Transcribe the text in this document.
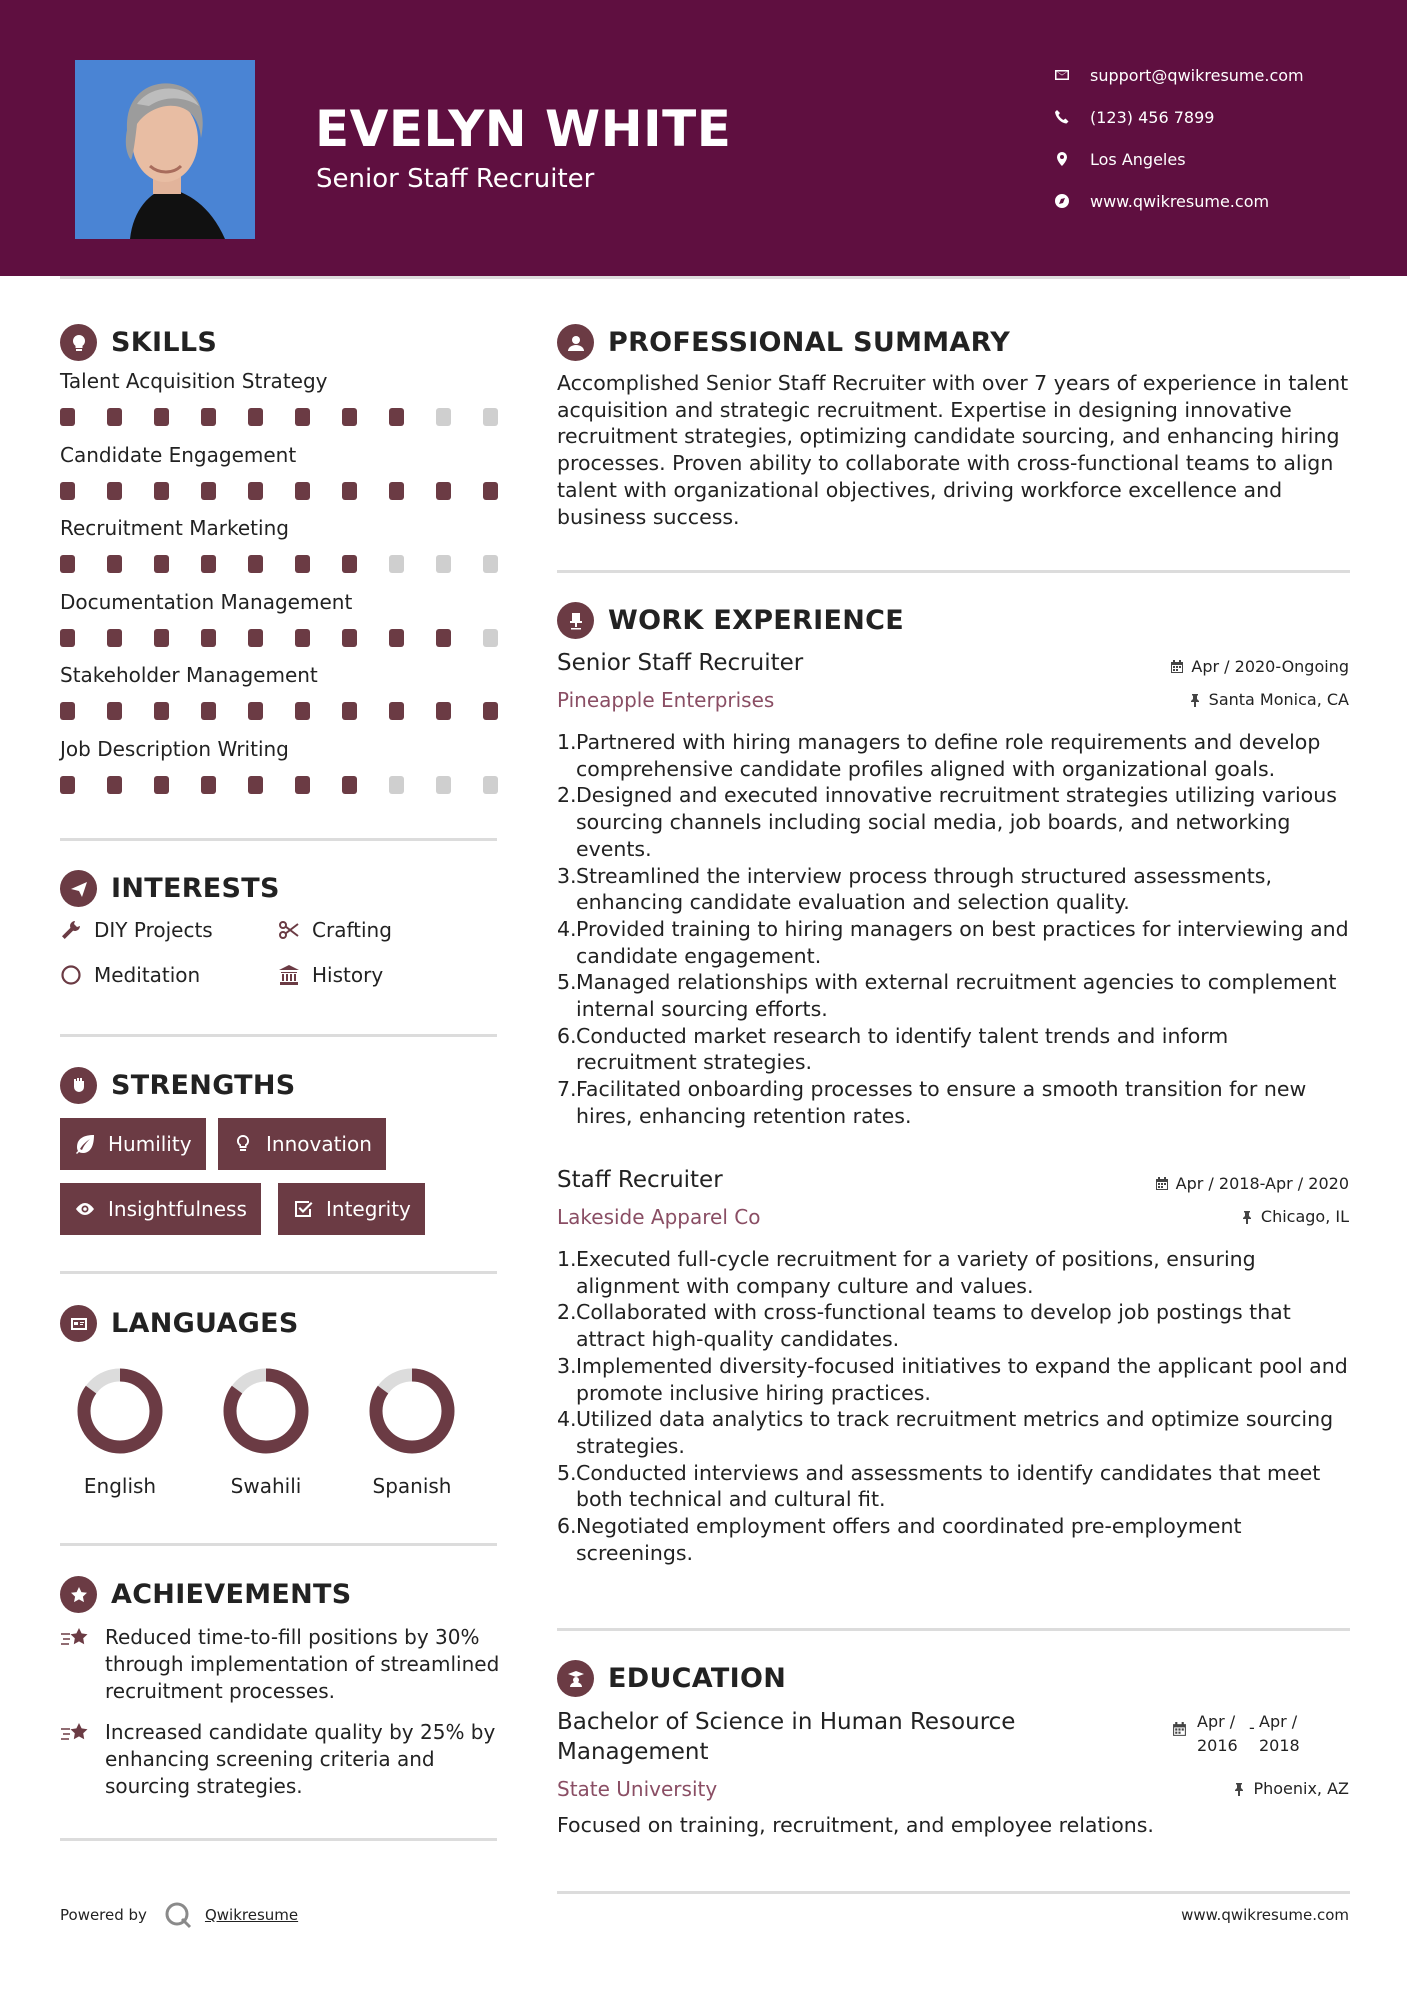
EVELYN WHITE
Senior Staff Recruiter
support@qwikresume.com
(123) 456 7899
Los Angeles
www.qwikresume.com
SKILLS
Talent Acquisition Strategy
Candidate Engagement
Recruitment Marketing
Documentation Management
Stakeholder Management
Job Description Writing
INTERESTS
DIY Projects	Crafting
Meditation	History
STRENGTHS
Humility	Innovation
Insightfulness	Integrity
LANGUAGES
English	Swahili	Spanish
ACHIEVEMENTS
Reduced time-to-fill positions by 30% through implementation of streamlined recruitment processes.
Increased candidate quality by 25% by enhancing screening criteria and sourcing strategies.
PROFESSIONAL SUMMARY
Accomplished Senior Staff Recruiter with over 7 years of experience in talent acquisition and strategic recruitment. Expertise in designing innovative recruitment strategies, optimizing candidate sourcing, and enhancing hiring processes. Proven ability to collaborate with cross-functional teams to align talent with organizational objectives, driving workforce excellence and business success.
WORK EXPERIENCE
Senior Staff Recruiter	Apr / 2020-Ongoing
Pineapple Enterprises	Santa Monica, CA
1. Partnered with hiring managers to define role requirements and develop comprehensive candidate profiles aligned with organizational goals.
2. Designed and executed innovative recruitment strategies utilizing various sourcing channels including social media, job boards, and networking events.
3. Streamlined the interview process through structured assessments, enhancing candidate evaluation and selection quality.
4. Provided training to hiring managers on best practices for interviewing and candidate engagement.
5. Managed relationships with external recruitment agencies to complement internal sourcing efforts.
6. Conducted market research to identify talent trends and inform recruitment strategies.
7. Facilitated onboarding processes to ensure a smooth transition for new hires, enhancing retention rates.
Staff Recruiter	Apr / 2018-Apr / 2020
Lakeside Apparel Co	Chicago, IL
1. Executed full-cycle recruitment for a variety of positions, ensuring alignment with company culture and values.
2. Collaborated with cross-functional teams to develop job postings that attract high-quality candidates.
3. Implemented diversity-focused initiatives to expand the applicant pool and promote inclusive hiring practices.
4. Utilized data analytics to track recruitment metrics and optimize sourcing strategies.
5. Conducted interviews and assessments to identify candidates that meet both technical and cultural fit.
6. Negotiated employment offers and coordinated pre-employment screenings.
EDUCATION
Bachelor of Science in Human Resource Management
Apr / 2016
- Apr / 2018
State University	Phoenix, AZ
Focused on training, recruitment, and employee relations.
Powered by	Qwikresume	www.qwikresume.com
